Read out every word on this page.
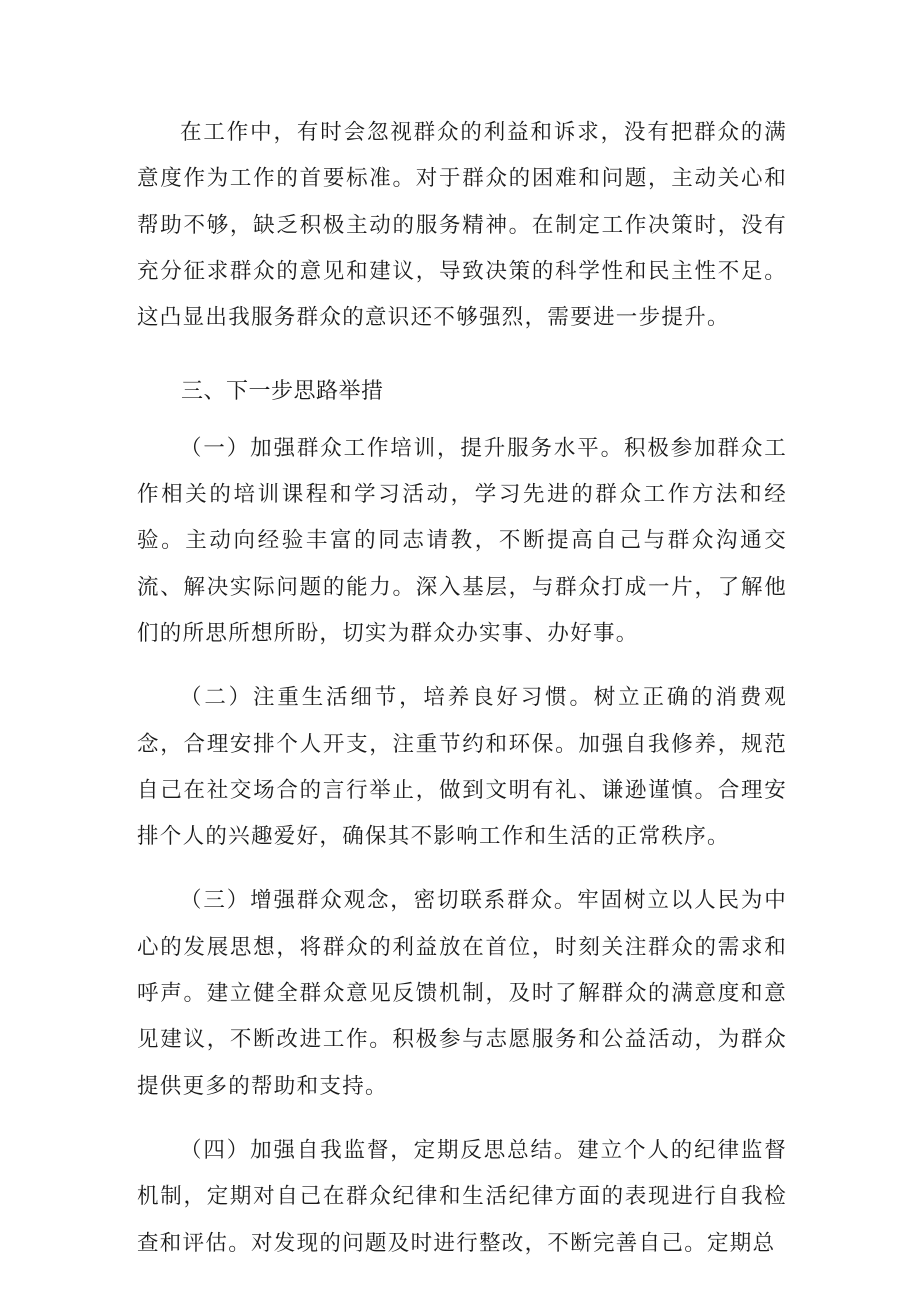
在工作中，有时会忽视群众的利益和诉求，没有把群众的满意度作为工作的首要标准。对于群众的困难和问题，主动关心和帮助不够，缺乏积极主动的服务精神。在制定工作决策时，没有充分征求群众的意见和建议，导致决策的科学性和民主性不足。这凸显出我服务群众的意识还不够强烈，需要进一步提升。

三、下一步思路举措

（一）加强群众工作培训，提升服务水平。积极参加群众工作相关的培训课程和学习活动，学习先进的群众工作方法和经验。主动向经验丰富的同志请教，不断提高自己与群众沟通交流、解决实际问题的能力。深入基层，与群众打成一片，了解他们的所思所想所盼，切实为群众办实事、办好事。

（二）注重生活细节，培养良好习惯。树立正确的消费观念，合理安排个人开支，注重节约和环保。加强自我修养，规范自己在社交场合的言行举止，做到文明有礼、谦逊谨慎。合理安排个人的兴趣爱好，确保其不影响工作和生活的正常秩序。

（三）增强群众观念，密切联系群众。牢固树立以人民为中心的发展思想，将群众的利益放在首位，时刻关注群众的需求和呼声。建立健全群众意见反馈机制，及时了解群众的满意度和意见建议，不断改进工作。积极参与志愿服务和公益活动，为群众提供更多的帮助和支持。

（四）加强自我监督，定期反思总结。建立个人的纪律监督机制，定期对自己在群众纪律和生活纪律方面的表现进行自我检查和评估。对发现的问题及时进行整改，不断完善自己。定期总
